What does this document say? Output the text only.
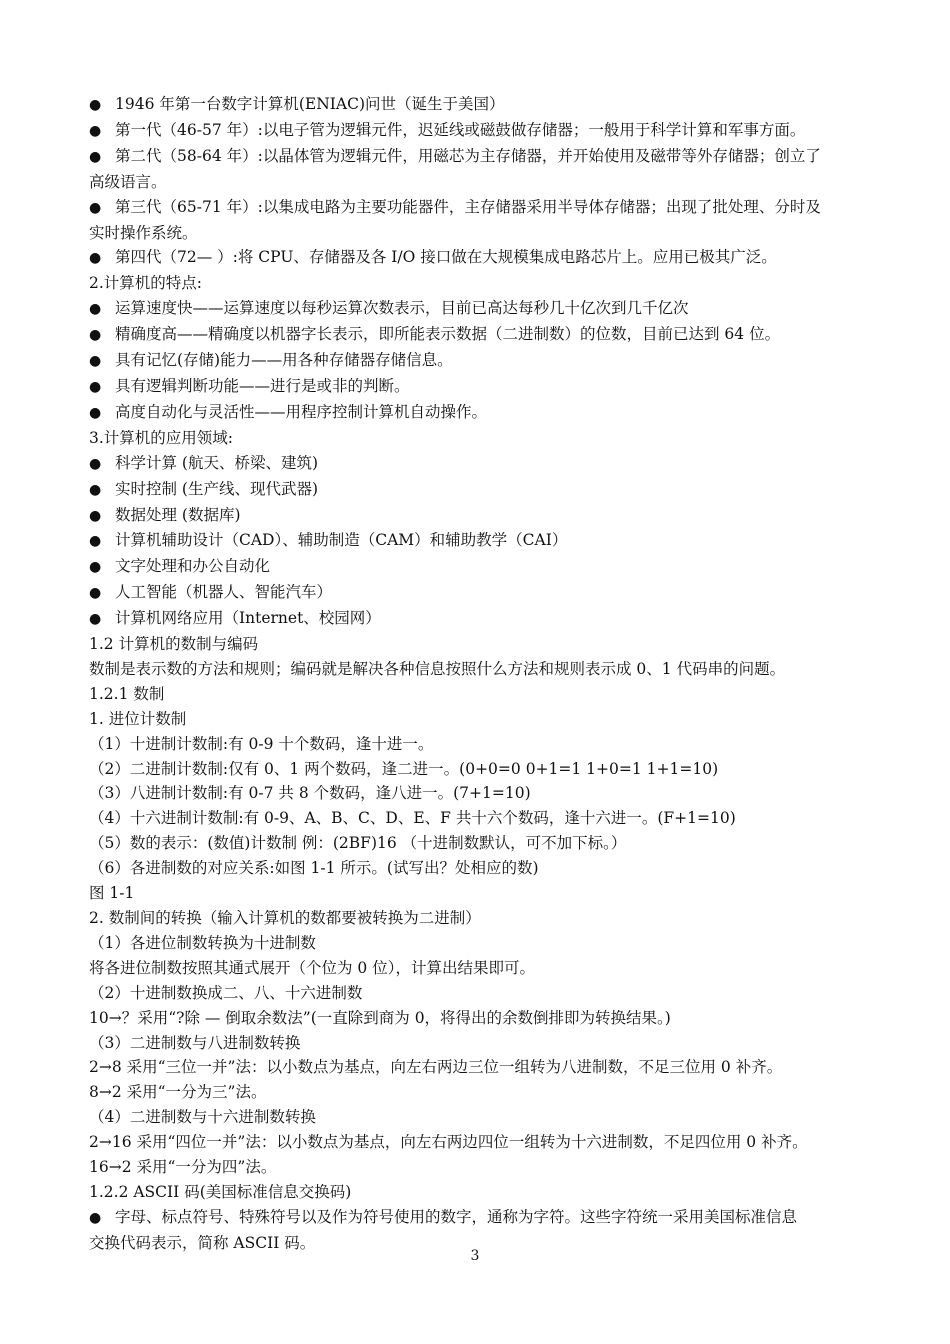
●1946 年第一台数字计算机(ENIAC)问世（诞生于美国）

●第一代（46-57 年）:以电子管为逻辑元件，迟延线或磁鼓做存储器；一般用于科学计算和军事方面。

●第二代（58-64 年）:以晶体管为逻辑元件，用磁芯为主存储器，并开始使用及磁带等外存储器；创立了

高级语言。

●第三代（65-71 年）:以集成电路为主要功能器件，主存储器采用半导体存储器；出现了批处理、分时及

实时操作系统。

●第四代（72— ）:将 CPU、存储器及各 I/O 接口做在大规模集成电路芯片上。应用已极其广泛。

2.计算机的特点:

●运算速度快——运算速度以每秒运算次数表示，目前已高达每秒几十亿次到几千亿次

●精确度高——精确度以机器字长表示，即所能表示数据（二进制数）的位数，目前已达到 64 位。

●具有记忆(存储)能力——用各种存储器存储信息。

●具有逻辑判断功能——进行是或非的判断。

●高度自动化与灵活性——用程序控制计算机自动操作。

3.计算机的应用领域:

●科学计算 (航天、桥梁、建筑)

●实时控制 (生产线、现代武器)

●数据处理 (数据库)

●计算机辅助设计（CAD）、辅助制造（CAM）和辅助教学（CAI）

●文字处理和办公自动化

●人工智能（机器人、智能汽车）

●计算机网络应用（Internet、校园网）

1.2 计算机的数制与编码

数制是表示数的方法和规则；编码就是解决各种信息按照什么方法和规则表示成 0、1 代码串的问题。

1.2.1 数制

1. 进位计数制

（1）十进制计数制:有 0-9 十个数码，逢十进一。

（2）二进制计数制:仅有 0、1 两个数码，逢二进一。(0+0=0 0+1=1 1+0=1 1+1=10)

（3）八进制计数制:有 0-7 共 8 个数码，逢八进一。(7+1=10)

（4）十六进制计数制:有 0-9、A、B、C、D、E、F 共十六个数码，逢十六进一。(F+1=10)

（5）数的表示：(数值)计数制 例：(2BF)16 （十进制数默认，可不加下标。）

（6）各进制数的对应关系:如图 1-1 所示。(试写出？处相应的数)

图 1-1

2. 数制间的转换（输入计算机的数都要被转换为二进制）

（1）各进位制数转换为十进制数

将各进位制数按照其通式展开（个位为 0 位），计算出结果即可。

（2）十进制数换成二、八、十六进制数

10→？采用“?除 — 倒取余数法”(一直除到商为 0，将得出的余数倒排即为转换结果。)

（3）二进制数与八进制数转换

2→8 采用“三位一并”法：以小数点为基点，向左右两边三位一组转为八进制数，不足三位用 0 补齐。

8→2 采用“一分为三”法。

（4）二进制数与十六进制数转换

2→16 采用“四位一并”法：以小数点为基点，向左右两边四位一组转为十六进制数，不足四位用 0 补齐。

16→2 采用“一分为四”法。

1.2.2 ASCII 码(美国标准信息交换码)

●字母、标点符号、特殊符号以及作为符号使用的数字，通称为字符。这些字符统一采用美国标准信息

交换代码表示，简称 ASCII 码。

3
